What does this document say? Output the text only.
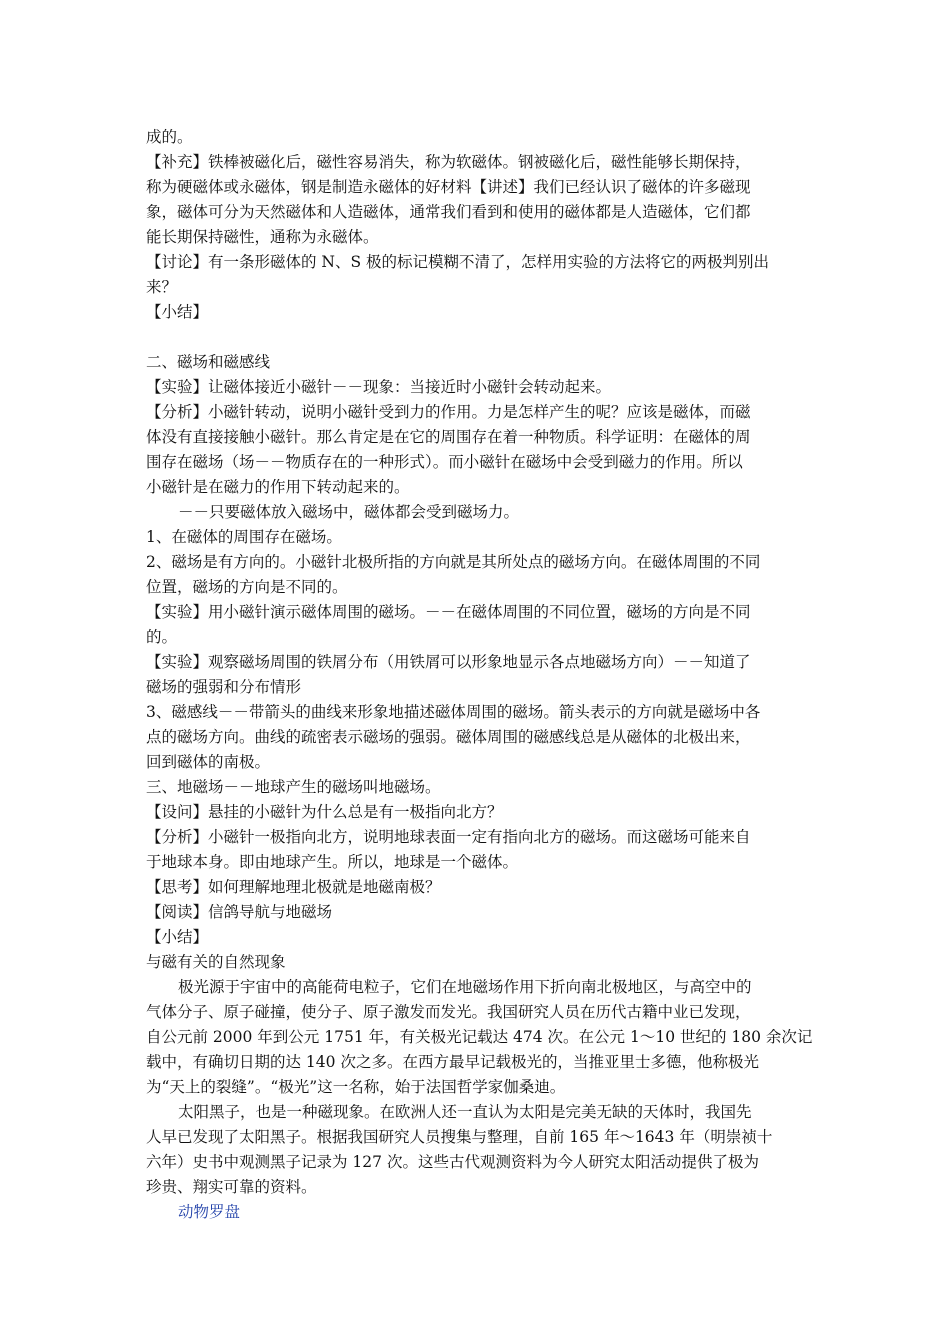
成的。
【补充】铁棒被磁化后，磁性容易消失，称为软磁体。钢被磁化后，磁性能够长期保持，
称为硬磁体或永磁体，钢是制造永磁体的好材料【讲述】我们已经认识了磁体的许多磁现
象，磁体可分为天然磁体和人造磁体，通常我们看到和使用的磁体都是人造磁体，它们都
能长期保持磁性，通称为永磁体。
【讨论】有一条形磁体的 N、S 极的标记模糊不清了，怎样用实验的方法将它的两极判别出
来？
【小结】
二、磁场和磁感线
【实验】让磁体接近小磁针－－现象：当接近时小磁针会转动起来。
【分析】小磁针转动，说明小磁针受到力的作用。力是怎样产生的呢？应该是磁体，而磁
体没有直接接触小磁针。那么肯定是在它的周围存在着一种物质。科学证明：在磁体的周
围存在磁场（场－－物质存在的一种形式）。而小磁针在磁场中会受到磁力的作用。所以
小磁针是在磁力的作用下转动起来的。
－－只要磁体放入磁场中，磁体都会受到磁场力。
1、在磁体的周围存在磁场。
2、磁场是有方向的。小磁针北极所指的方向就是其所处点的磁场方向。在磁体周围的不同
位置，磁场的方向是不同的。
【实验】用小磁针演示磁体周围的磁场。－－在磁体周围的不同位置，磁场的方向是不同
的。
【实验】观察磁场周围的铁屑分布（用铁屑可以形象地显示各点地磁场方向）－－知道了
磁场的强弱和分布情形
3、磁感线－－带箭头的曲线来形象地描述磁体周围的磁场。箭头表示的方向就是磁场中各
点的磁场方向。曲线的疏密表示磁场的强弱。磁体周围的磁感线总是从磁体的北极出来，
回到磁体的南极。
三、地磁场－－地球产生的磁场叫地磁场。
【设问】悬挂的小磁针为什么总是有一极指向北方？
【分析】小磁针一极指向北方，说明地球表面一定有指向北方的磁场。而这磁场可能来自
于地球本身。即由地球产生。所以，地球是一个磁体。
【思考】如何理解地理北极就是地磁南极？
【阅读】信鸽导航与地磁场
【小结】
与磁有关的自然现象
极光源于宇宙中的高能荷电粒子，它们在地磁场作用下折向南北极地区，与高空中的
气体分子、原子碰撞，使分子、原子激发而发光。我国研究人员在历代古籍中业已发现，
自公元前 2000 年到公元 1751 年，有关极光记载达 474 次。在公元 1～10 世纪的 180 余次记
载中，有确切日期的达 140 次之多。在西方最早记载极光的，当推亚里士多德，他称极光
为“天上的裂缝”。“极光”这一名称，始于法国哲学家伽桑迪。
太阳黑子，也是一种磁现象。在欧洲人还一直认为太阳是完美无缺的天体时，我国先
人早已发现了太阳黑子。根据我国研究人员搜集与整理，自前 165 年～1643 年（明崇祯十
六年）史书中观测黑子记录为 127 次。这些古代观测资料为今人研究太阳活动提供了极为
珍贵、翔实可靠的资料。
动物罗盘
